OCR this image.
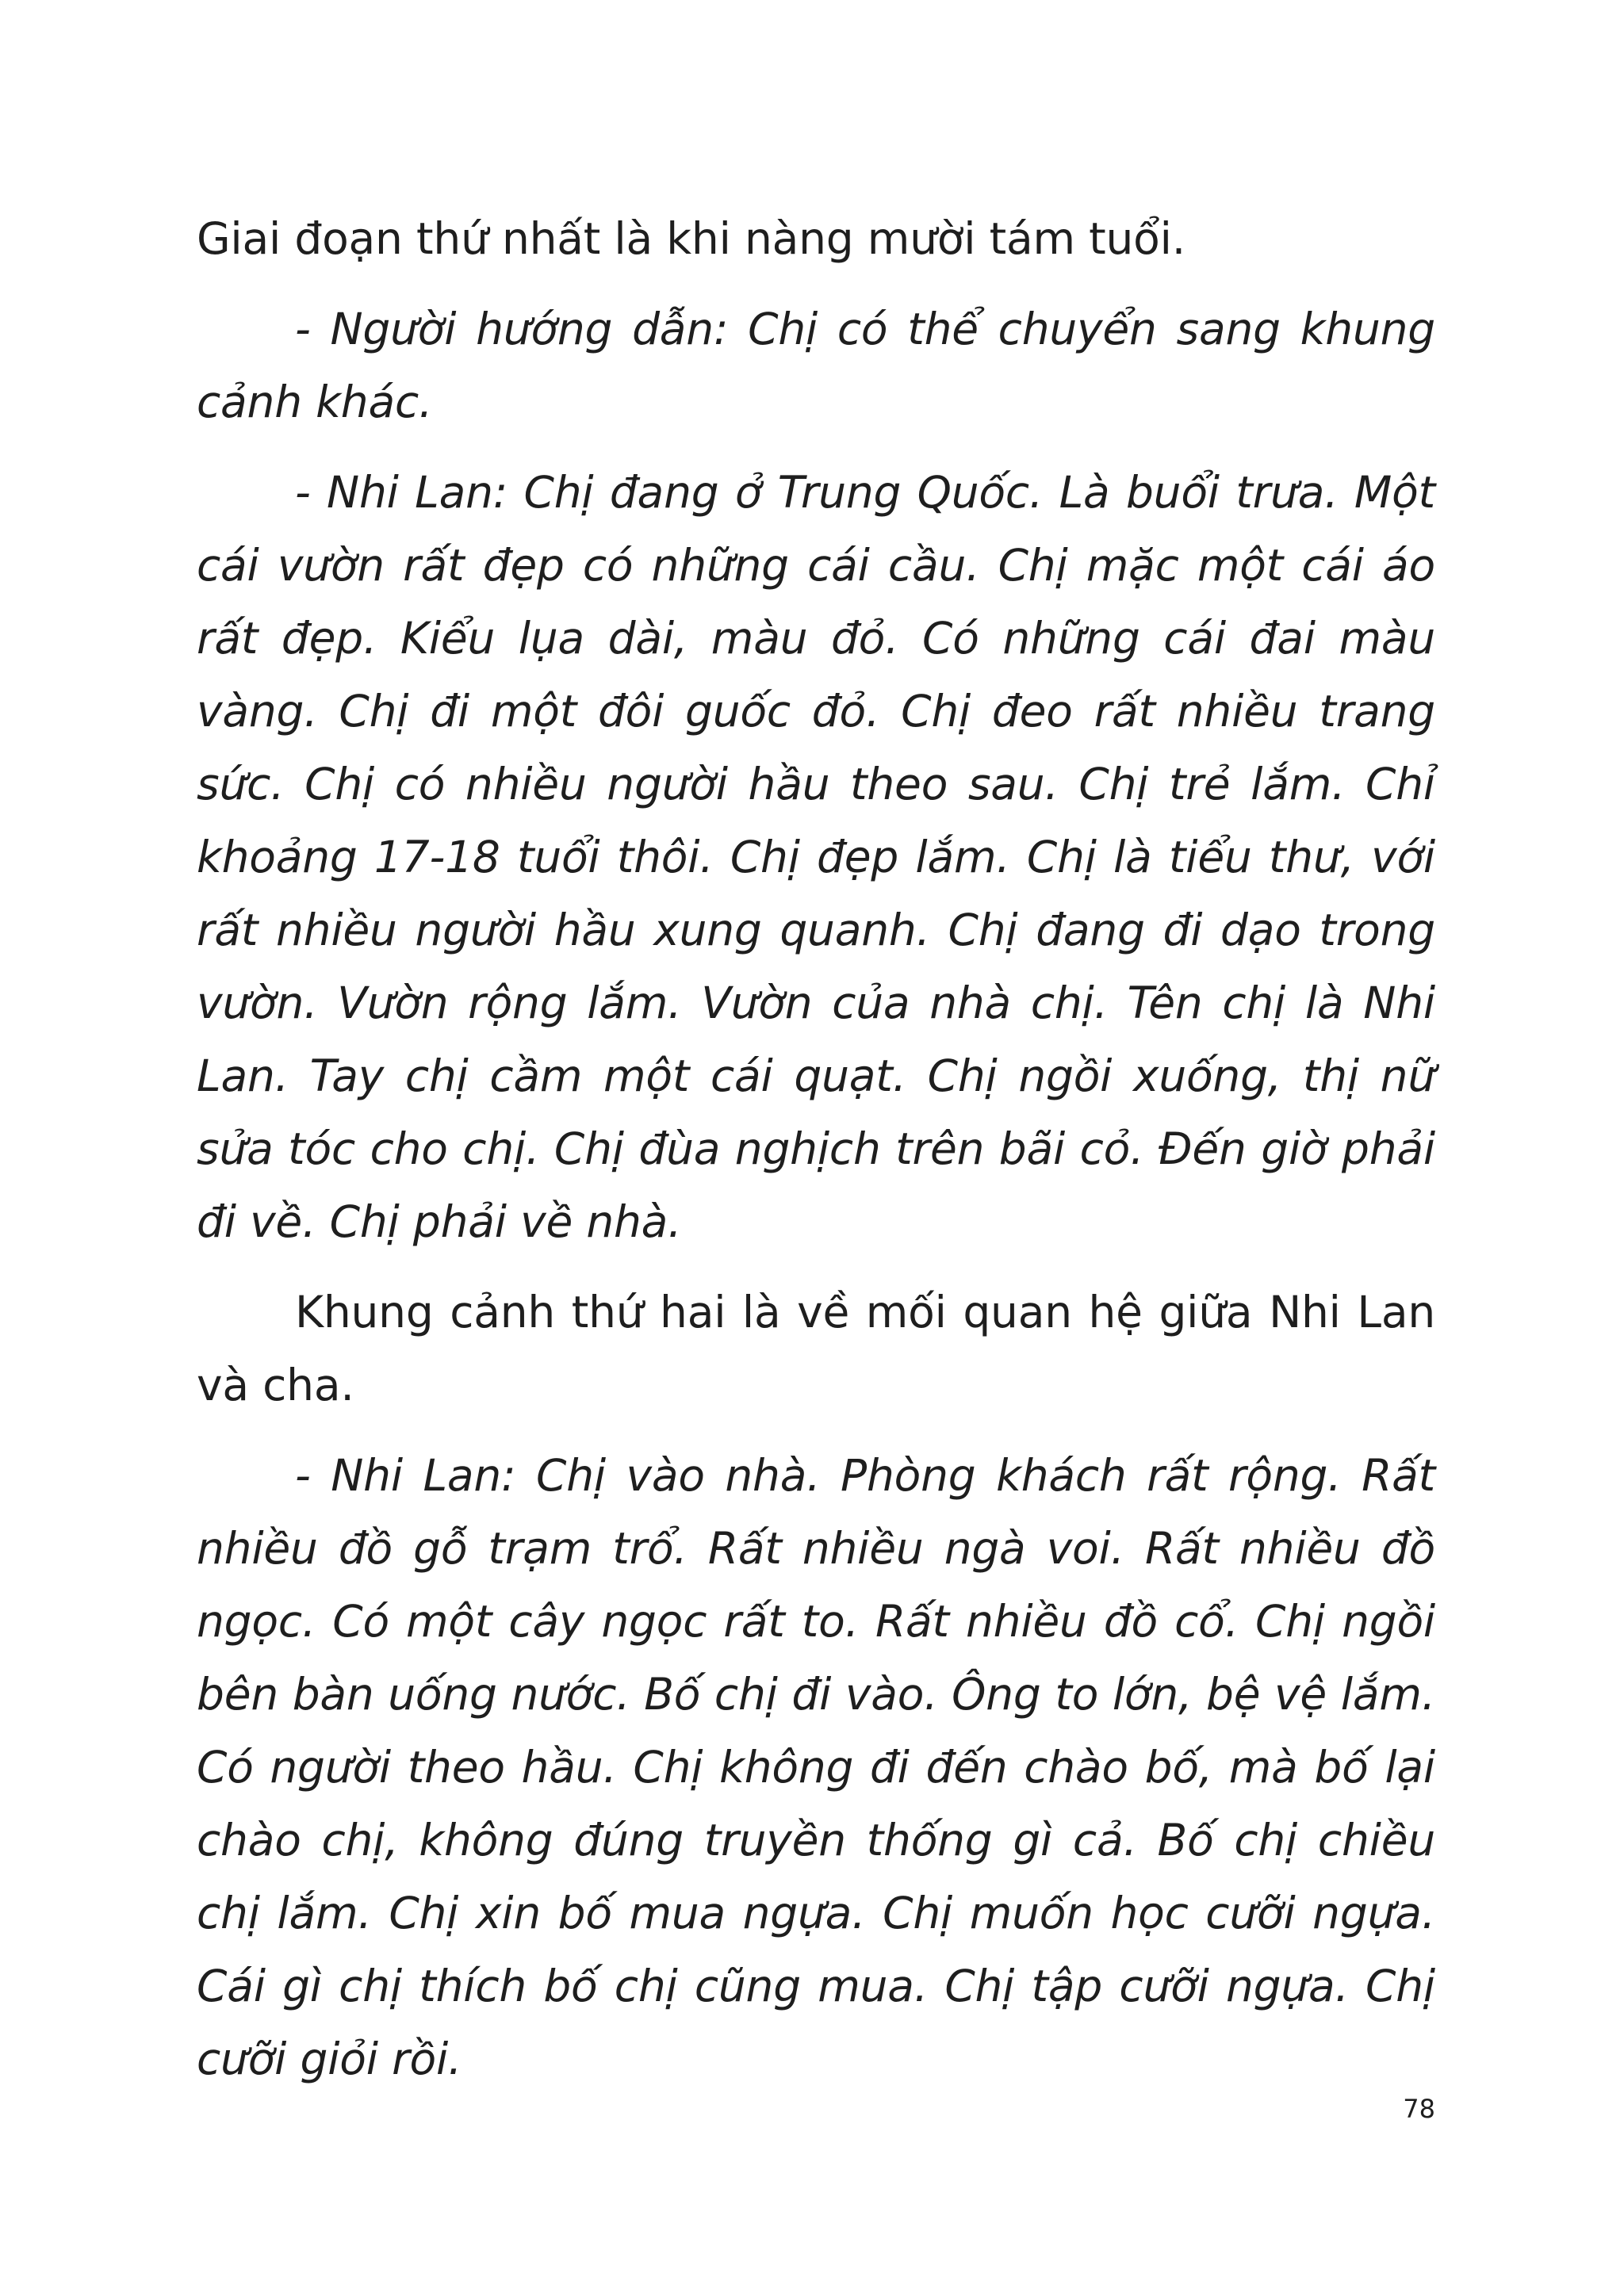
Giai đoạn thứ nhất là khi nàng mười tám tuổi.

- Người hướng dẫn: Chị có thể chuyển sang khung cảnh khác.

- Nhi Lan: Chị đang ở Trung Quốc. Là buổi trưa. Một cái vườn rất đẹp có những cái cầu. Chị mặc một cái áo rất đẹp. Kiểu lụa dài, màu đỏ. Có những cái đai màu vàng. Chị đi một đôi guốc đỏ. Chị đeo rất nhiều trang sức. Chị có nhiều người hầu theo sau. Chị trẻ lắm. Chỉ khoảng 17-18 tuổi thôi. Chị đẹp lắm. Chị là tiểu thư, với rất nhiều người hầu xung quanh. Chị đang đi dạo trong vườn. Vườn rộng lắm. Vườn của nhà chị. Tên chị là Nhi Lan. Tay chị cầm một cái quạt. Chị ngồi xuống, thị nữ sửa tóc cho chị. Chị đùa nghịch trên bãi cỏ. Đến giờ phải đi về. Chị phải về nhà.

Khung cảnh thứ hai là về mối quan hệ giữa Nhi Lan và cha.

- Nhi Lan: Chị vào nhà. Phòng khách rất rộng. Rất nhiều đồ gỗ trạm trổ. Rất nhiều ngà voi. Rất nhiều đồ ngọc. Có một cây ngọc rất to. Rất nhiều đồ cổ. Chị ngồi bên bàn uống nước. Bố chị đi vào. Ông to lớn, bệ vệ lắm. Có người theo hầu. Chị không đi đến chào bố, mà bố lại chào chị, không đúng truyền thống gì cả. Bố chị chiều chị lắm. Chị xin bố mua ngựa. Chị muốn học cưỡi ngựa. Cái gì chị thích bố chị cũng mua. Chị tập cưỡi ngựa. Chị cưỡi giỏi rồi.

78
